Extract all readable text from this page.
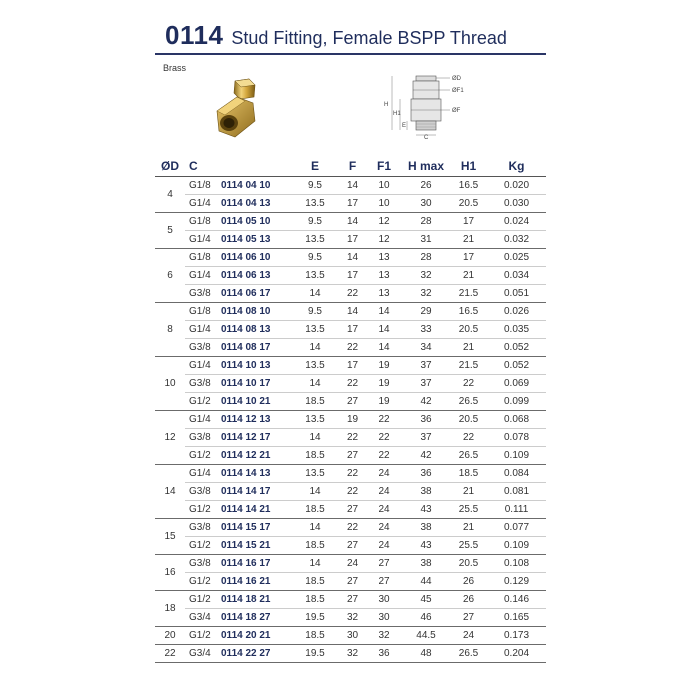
0114 Stud Fitting, Female BSPP Thread
Brass
ØD
ØF1
ØF
H
H1
E
C
ØD	C		E	F	F1	H max	H1	Kg
4	G1/8	0114 04 10	9.5	14	10	26	16.5	0.020
	G1/4	0114 04 13	13.5	17	10	30	20.5	0.030
5	G1/8	0114 05 10	9.5	14	12	28	17	0.024
	G1/4	0114 05 13	13.5	17	12	31	21	0.032
6	G1/8	0114 06 10	9.5	14	13	28	17	0.025
	G1/4	0114 06 13	13.5	17	13	32	21	0.034
	G3/8	0114 06 17	14	22	13	32	21.5	0.051
8	G1/8	0114 08 10	9.5	14	14	29	16.5	0.026
	G1/4	0114 08 13	13.5	17	14	33	20.5	0.035
	G3/8	0114 08 17	14	22	14	34	21	0.052
10	G1/4	0114 10 13	13.5	17	19	37	21.5	0.052
	G3/8	0114 10 17	14	22	19	37	22	0.069
	G1/2	0114 10 21	18.5	27	19	42	26.5	0.099
12	G1/4	0114 12 13	13.5	19	22	36	20.5	0.068
	G3/8	0114 12 17	14	22	22	37	22	0.078
	G1/2	0114 12 21	18.5	27	22	42	26.5	0.109
14	G1/4	0114 14 13	13.5	22	24	36	18.5	0.084
	G3/8	0114 14 17	14	22	24	38	21	0.081
	G1/2	0114 14 21	18.5	27	24	43	25.5	0.111
15	G3/8	0114 15 17	14	22	24	38	21	0.077
	G1/2	0114 15 21	18.5	27	24	43	25.5	0.109
16	G3/8	0114 16 17	14	24	27	38	20.5	0.108
	G1/2	0114 16 21	18.5	27	27	44	26	0.129
18	G1/2	0114 18 21	18.5	27	30	45	26	0.146
	G3/4	0114 18 27	19.5	32	30	46	27	0.165
20	G1/2	0114 20 21	18.5	30	32	44.5	24	0.173
22	G3/4	0114 22 27	19.5	32	36	48	26.5	0.204
